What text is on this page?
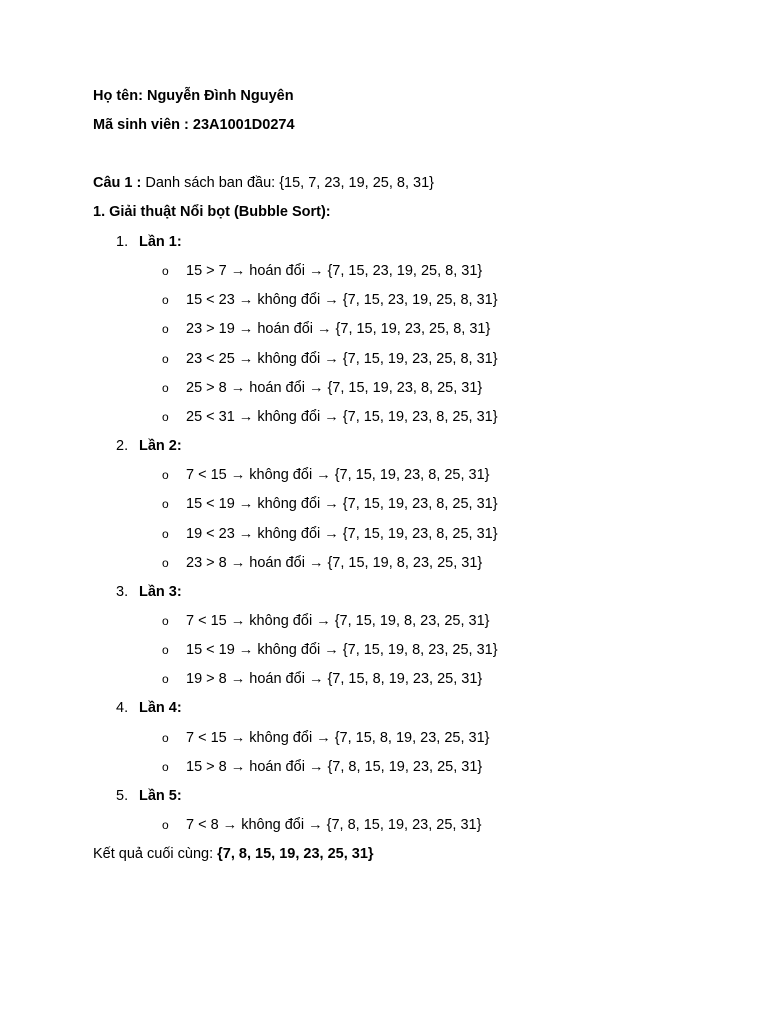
Họ tên: Nguyễn Đình Nguyên
Mã sinh viên : 23A1001D0274
Câu 1 : Danh sách ban đầu: {15, 7, 23, 19, 25, 8, 31}
1. Giải thuật Nổi bọt (Bubble Sort):
1. Lần 1:
o 15 > 7 → hoán đổi → {7, 15, 23, 19, 25, 8, 31}
o 15 < 23 → không đổi → {7, 15, 23, 19, 25, 8, 31}
o 23 > 19 → hoán đổi → {7, 15, 19, 23, 25, 8, 31}
o 23 < 25 → không đổi → {7, 15, 19, 23, 25, 8, 31}
o 25 > 8 → hoán đổi → {7, 15, 19, 23, 8, 25, 31}
o 25 < 31 → không đổi → {7, 15, 19, 23, 8, 25, 31}
2. Lần 2:
o 7 < 15 → không đổi → {7, 15, 19, 23, 8, 25, 31}
o 15 < 19 → không đổi → {7, 15, 19, 23, 8, 25, 31}
o 19 < 23 → không đổi → {7, 15, 19, 23, 8, 25, 31}
o 23 > 8 → hoán đổi → {7, 15, 19, 8, 23, 25, 31}
3. Lần 3:
o 7 < 15 → không đổi → {7, 15, 19, 8, 23, 25, 31}
o 15 < 19 → không đổi → {7, 15, 19, 8, 23, 25, 31}
o 19 > 8 → hoán đổi → {7, 15, 8, 19, 23, 25, 31}
4. Lần 4:
o 7 < 15 → không đổi → {7, 15, 8, 19, 23, 25, 31}
o 15 > 8 → hoán đổi → {7, 8, 15, 19, 23, 25, 31}
5. Lần 5:
o 7 < 8 → không đổi → {7, 8, 15, 19, 23, 25, 31}
Kết quả cuối cùng: {7, 8, 15, 19, 23, 25, 31}
